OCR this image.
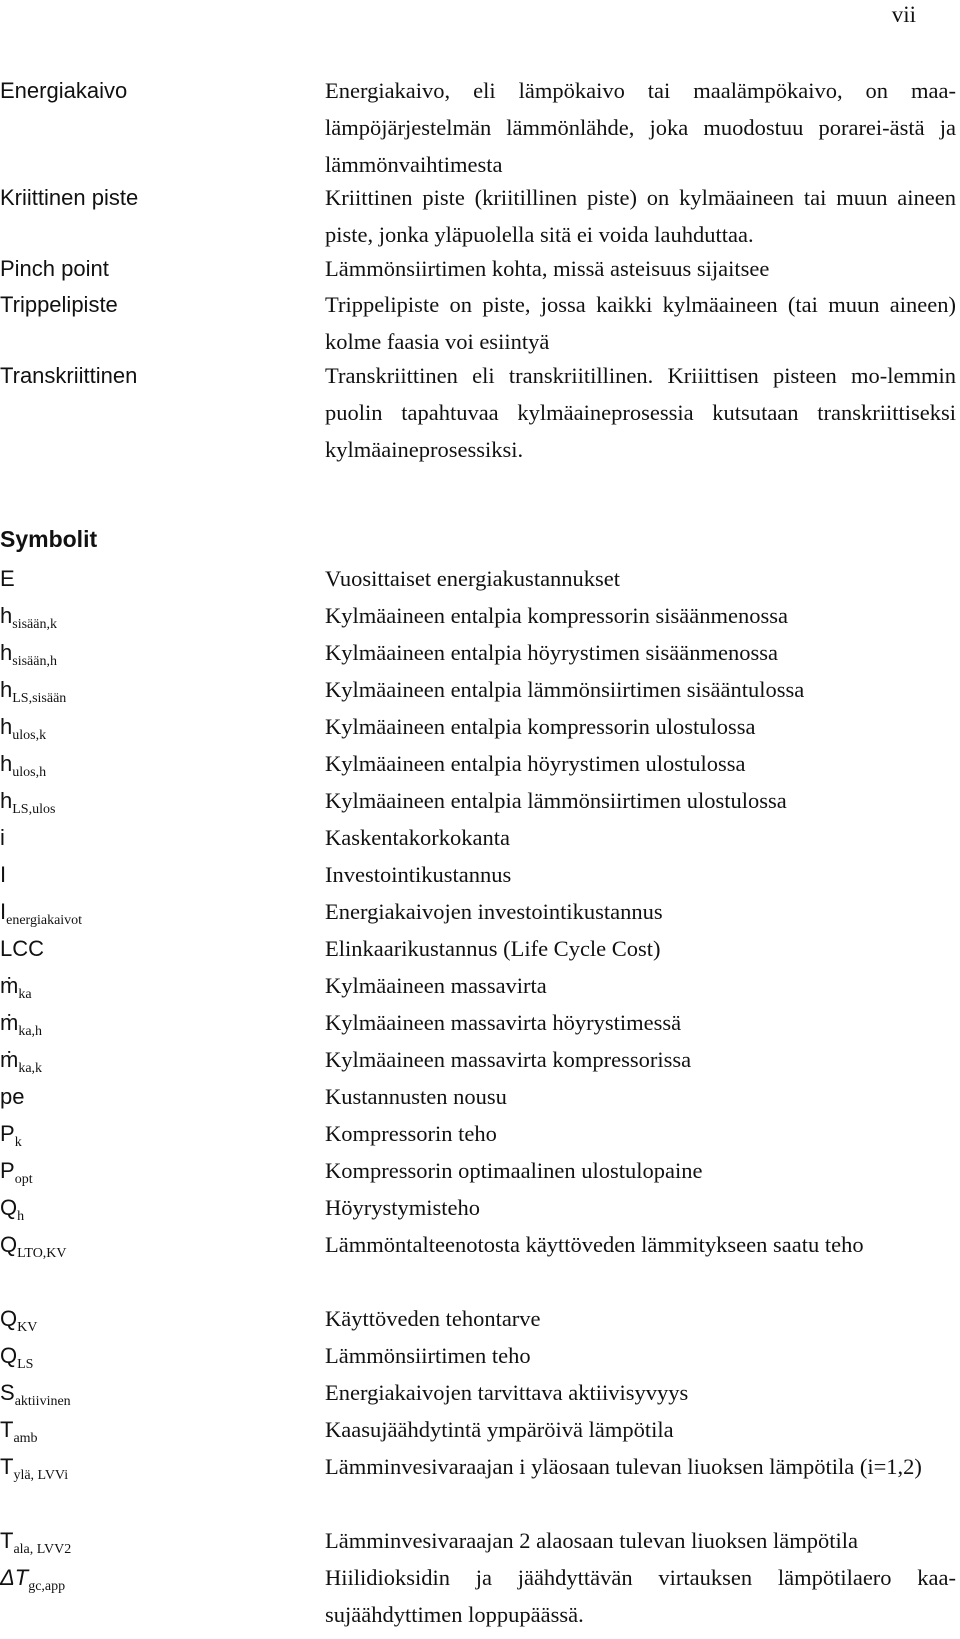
vii
Energiakaivo	Energiakaivo, eli lämpökaivo tai maalämpökaivo, on maa-lämpöjärjestelmän lämmönlähde, joka muodostuu porarei-ästä ja lämmönvaihtimesta
Kriittinen piste	Kriittinen piste (kriitillinen piste) on kylmäaineen tai muun aineen piste, jonka yläpuolella sitä ei voida lauhduttaa.
Pinch point	Lämmönsiirtimen kohta, missä asteisuus sijaitsee
Trippelipiste	Trippelipiste on piste, jossa kaikki kylmäaineen (tai muun aineen) kolme faasia voi esiintyä
Transkriittinen	Transkriittinen eli transkriitillinen. Kriiittisen pisteen mo-lemmin puolin tapahtuvaa kylmäaineprosessia kutsutaan transkriittiseksi kylmäaineprosessiksi.
Symbolit
E	Vuosittaiset energiakustannukset
$h_{sisään,k}$	Kylmäaineen entalpia kompressorin sisäänmenossa
$h_{sisään,h}$	Kylmäaineen entalpia höyrystimen sisäänmenossa
$h_{LS,sisään}$	Kylmäaineen entalpia lämmönsiirtimen sisääntulossa
$h_{ulos,k}$	Kylmäaineen entalpia kompressorin ulostulossa
$h_{ulos,h}$	Kylmäaineen entalpia höyrystimen ulostulossa
$h_{LS,ulos}$	Kylmäaineen entalpia lämmönsiirtimen ulostulossa
i	Kaskentakorkokanta
I	Investointikustannus
$I_{energiakaivot}$	Energiakaivojen investointikustannus
LCC	Elinkaarikustannus (Life Cycle Cost)
ṁ$_{ka}$	Kylmäaineen massavirta
ṁ$_{ka,h}$	Kylmäaineen massavirta höyrystimessä
ṁ$_{ka,k}$	Kylmäaineen massavirta kompressorissa
pe	Kustannusten nousu
$P_k$	Kompressorin teho
$P_{opt}$	Kompressorin optimaalinen ulostulopaine
$Q_h$	Höyrystymisteho
$Q_{LTO,KV}$	Lämmöntalteenotosta käyttöveden lämmitykseen saatu teho
$Q_{KV}$	Käyttöveden tehontarve
$Q_{LS}$	Lämmönsiirtimen teho
$S_{aktiivinen}$	Energiakaivojen tarvittava aktiivisyvyys
$T_{amb}$	Kaasujäähdytintä ympäröivä lämpötila
$T_{ylä, LVVi}$	Lämminvesivaraajan i yläosaan tulevan liuoksen lämpötila (i=1,2)
$T_{ala, LVV2}$	Lämminvesivaraajan 2 alaosaan tulevan liuoksen lämpötila
$\Delta T_{gc,app}$	Hiilidioksidin ja jäähdyttävän virtauksen lämpötilaero kaa-sujäähdyttimen loppupäässä.
